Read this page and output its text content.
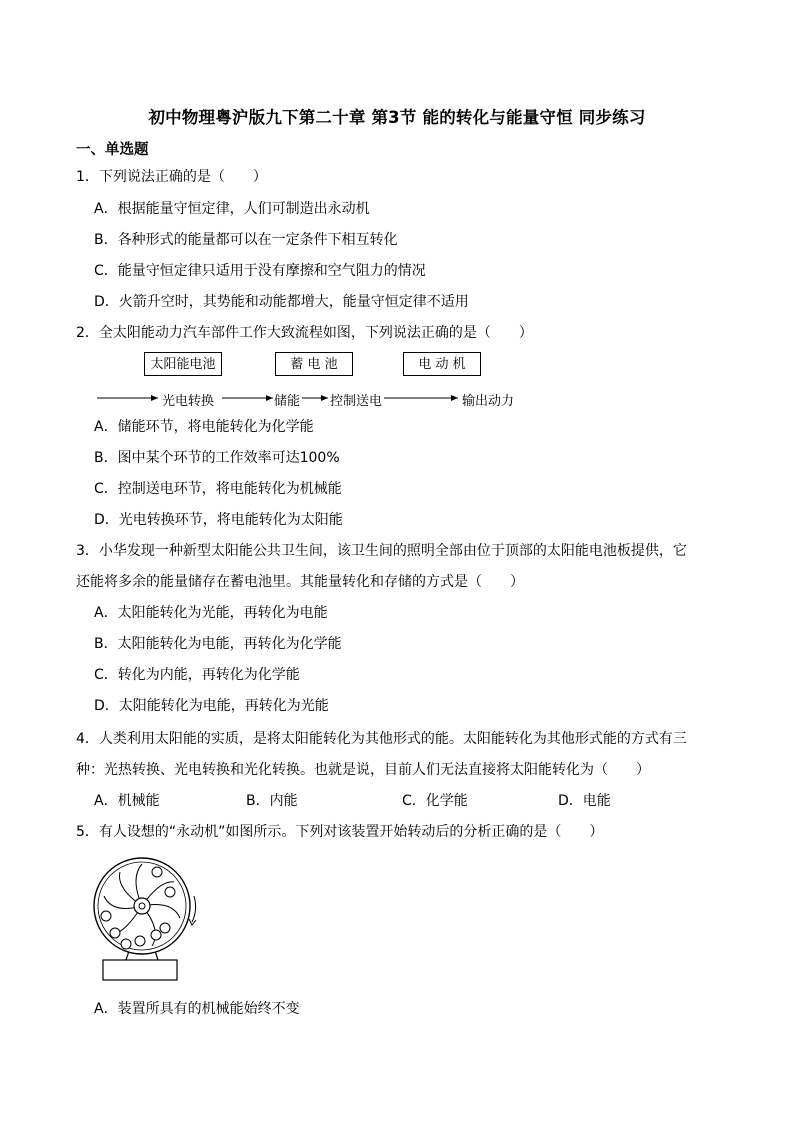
初中物理粤沪版九下第二十章 第3节 能的转化与能量守恒 同步练习
一、单选题
1．下列说法正确的是（　　）
A．根据能量守恒定律，人们可制造出永动机
B．各种形式的能量都可以在一定条件下相互转化
C．能量守恒定律只适用于没有摩擦和空气阻力的情况
D．火箭升空时，其势能和动能都增大，能量守恒定律不适用
2．全太阳能动力汽车部件工作大致流程如图，下列说法正确的是（　　）
太阳能电池	蓄 电 池	电 动 机
光电转换	储能 控制送电	输出动力
A．储能环节，将电能转化为化学能
B．图中某个环节的工作效率可达100%
C．控制送电环节，将电能转化为机械能
D．光电转换环节，将电能转化为太阳能
3．小华发现一种新型太阳能公共卫生间，该卫生间的照明全部由位于顶部的太阳能电池板提供，它
还能将多余的能量储存在蓄电池里。其能量转化和存储的方式是（　　）
A．太阳能转化为光能，再转化为电能
B．太阳能转化为电能，再转化为化学能
C．转化为内能，再转化为化学能
D．太阳能转化为电能，再转化为光能
4．人类利用太阳能的实质，是将太阳能转化为其他形式的能。太阳能转化为其他形式能的方式有三
种：光热转换、光电转换和光化转换。也就是说，目前人们无法直接将太阳能转化为（　　）
A．机械能	B．内能	C．化学能	D．电能
5．有人设想的“永动机”如图所示。下列对该装置开始转动后的分析正确的是（　　）
A．装置所具有的机械能始终不变
